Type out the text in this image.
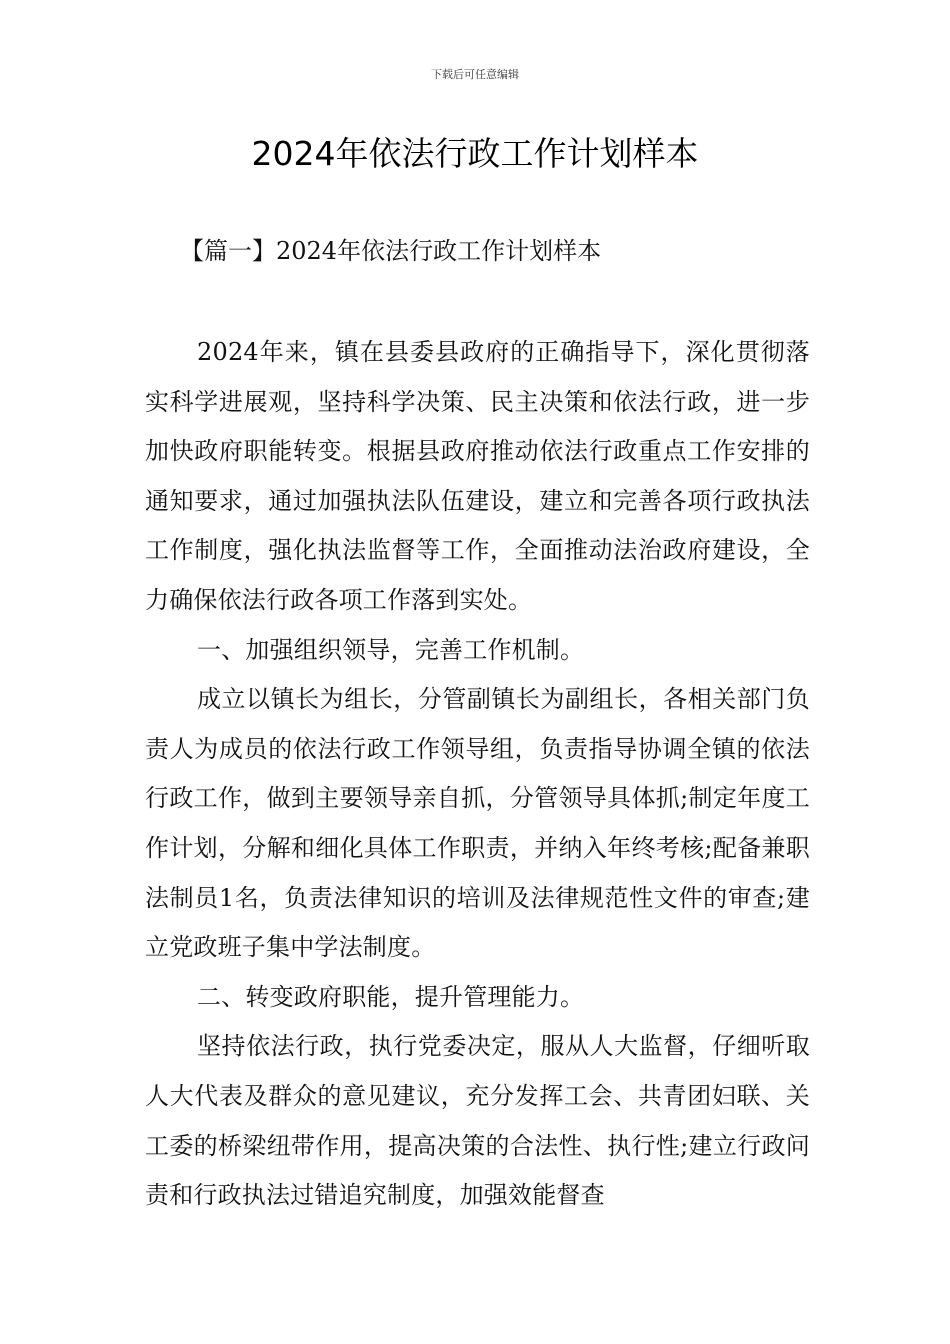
下载后可任意编辑
2024年依法行政工作计划样本
【篇一】2024年依法行政工作计划样本

2024年来，镇在县委县政府的正确指导下，深化贯彻落实科学进展观，坚持科学决策、民主决策和依法行政，进一步加快政府职能转变。根据县政府推动依法行政重点工作安排的通知要求，通过加强执法队伍建设，建立和完善各项行政执法工作制度，强化执法监督等工作，全面推动法治政府建设，全力确保依法行政各项工作落到实处。

一、加强组织领导，完善工作机制。

成立以镇长为组长，分管副镇长为副组长，各相关部门负责人为成员的依法行政工作领导组，负责指导协调全镇的依法行政工作，做到主要领导亲自抓，分管领导具体抓;制定年度工作计划，分解和细化具体工作职责，并纳入年终考核;配备兼职法制员1名，负责法律知识的培训及法律规范性文件的审查;建立党政班子集中学法制度。

二、转变政府职能，提升管理能力。

坚持依法行政，执行党委决定，服从人大监督，仔细听取人大代表及群众的意见建议，充分发挥工会、共青团妇联、关工委的桥梁纽带作用，提高决策的合法性、执行性;建立行政问责和行政执法过错追究制度，加强效能督查
